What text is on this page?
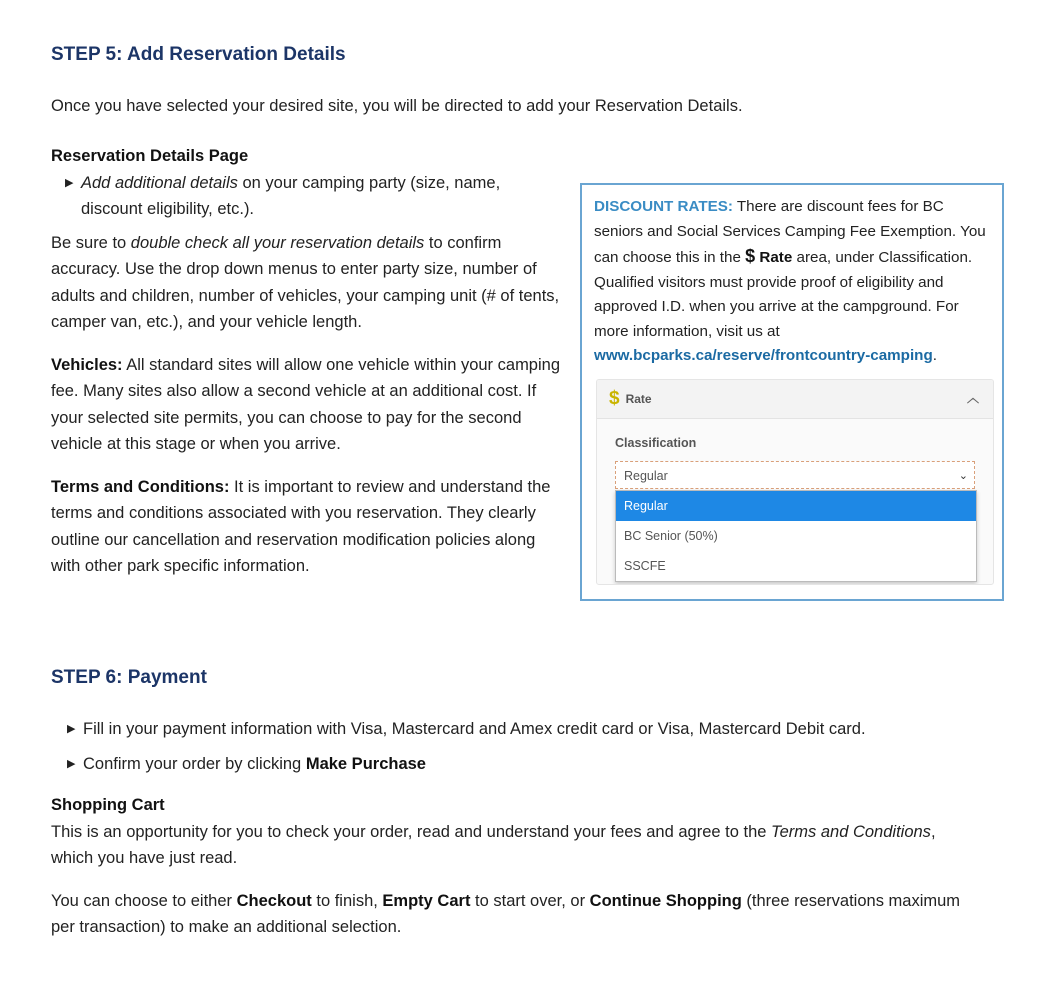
STEP 5: Add Reservation Details

Once you have selected your desired site, you will be directed to add your Reservation Details.

Reservation Details Page

▶ Add additional details on your camping party (size, name, discount eligibility, etc.).

Be sure to double check all your reservation details to confirm accuracy. Use the drop down menus to enter party size, number of adults and children, number of vehicles, your camping unit (# of tents, camper van, etc.), and your vehicle length.

Vehicles: All standard sites will allow one vehicle within your camping fee. Many sites also allow a second vehicle at an additional cost. If your selected site permits, you can choose to pay for the second vehicle at this stage or when you arrive.

Terms and Conditions: It is important to review and understand the terms and conditions associated with you reservation. They clearly outline our cancellation and reservation modification policies along with other park specific information.

DISCOUNT RATES: There are discount fees for BC seniors and Social Services Camping Fee Exemption. You can choose this in the $ Rate area, under Classification. Qualified visitors must provide proof of eligibility and approved I.D. when you arrive at the campground. For more information, visit us at www.bcparks.ca/reserve/frontcountry-camping.

$ Rate	︿
Classification
Regular	⌄
Regular
BC Senior (50%)
SSCFE
STEP 6: Payment
▶ Fill in your payment information with Visa, Mastercard and Amex credit card or Visa, Mastercard Debit card.
▶ Confirm your order by clicking Make Purchase

Shopping Cart

This is an opportunity for you to check your order, read and understand your fees and agree to the Terms and Conditions, which you have just read.

You can choose to either Checkout to finish, Empty Cart to start over, or Continue Shopping (three reservations maximum per transaction) to make an additional selection.
